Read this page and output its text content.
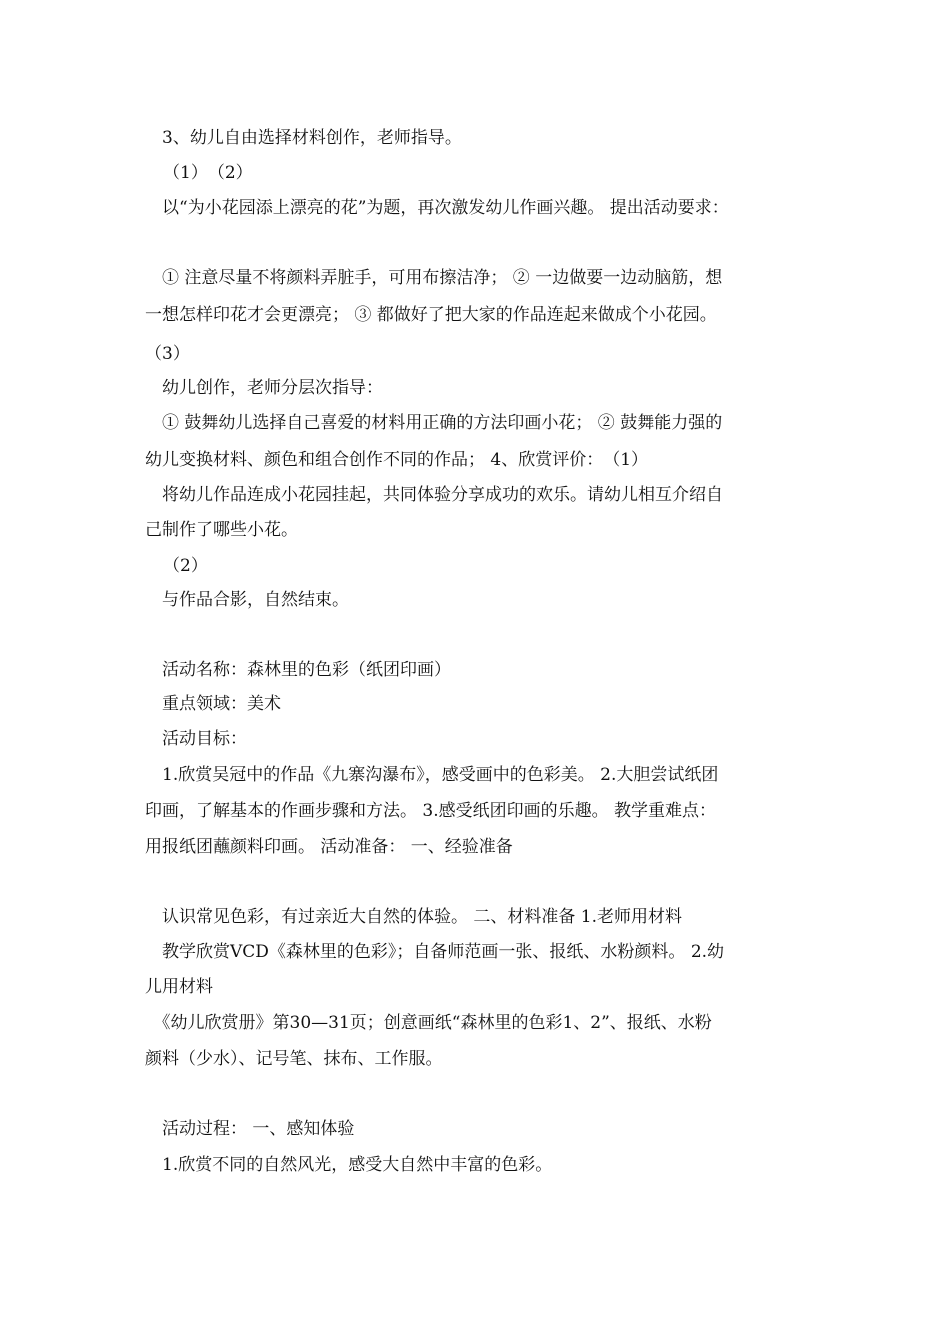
　3、幼儿自由选择材料创作，老师指导。
（1）　（2）
　以“为小花园添上漂亮的花”为题，再次激发幼儿作画兴趣。 提出活动要求：
　① 注意尽量不将颜料弄脏手，可用布擦洁净； ② 一边做要一边动脑筋，想
一想怎样印花才会更漂亮； ③ 都做好了把大家的作品连起来做成个小花园。
（3）
　幼儿创作，老师分层次指导：
　① 鼓舞幼儿选择自己喜爱的材料用正确的方法印画小花； ② 鼓舞能力强的
幼儿变换材料、颜色和组合创作不同的作品； 4、欣赏评价：　（1）
　将幼儿作品连成小花园挂起，共同体验分享成功的欢乐。请幼儿相互介绍自
己制作了哪些小花。
（2）
　与作品合影，自然结束。
　活动名称：森林里的色彩（纸团印画）
　重点领域：美术
　活动目标：
　1.欣赏吴冠中的作品《九寨沟瀑布》，感受画中的色彩美。 2.大胆尝试纸团
印画，了解基本的作画步骤和方法。 3.感受纸团印画的乐趣。 教学重难点：
用报纸团蘸颜料印画。 活动准备： 一、经验准备
　认识常见色彩，有过亲近大自然的体验。 二、材料准备 1.老师用材料
　教学欣赏VCD《森林里的色彩》；自备师范画一张、报纸、水粉颜料。 2.幼
儿用材料
　《幼儿欣赏册》第30—31页；创意画纸“森林里的色彩1、2”、报纸、水粉
颜料（少水）、记号笔、抹布、工作服。
　活动过程： 一、感知体验
　1.欣赏不同的自然风光，感受大自然中丰富的色彩。
